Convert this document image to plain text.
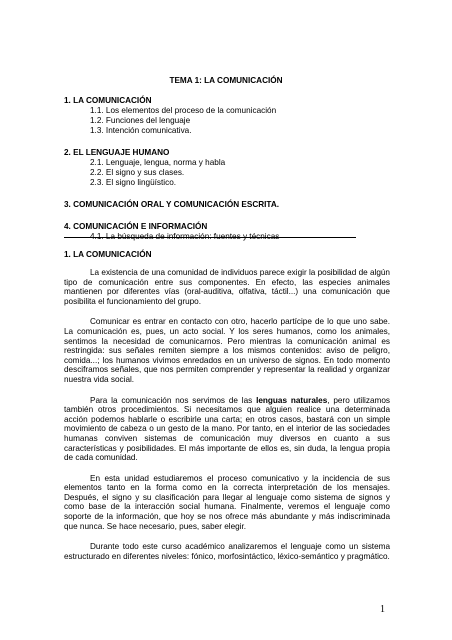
TEMA 1: LA COMUNICACIÓN

1. LA COMUNICACIÓN

1.1. Los elementos del proceso de la comunicación

1.2. Funciones del lenguaje

1.3. Intención comunicativa.

2. EL LENGUAJE HUMANO

2.1. Lenguaje, lengua, norma y habla

2.2. El signo y sus clases.

2.3. El signo lingüístico.

3. COMUNICACIÓN ORAL Y COMUNICACIÓN ESCRITA.

4. COMUNICACIÓN E INFORMACIÓN

4.1. La búsqueda de información: fuentes y técnicas

1. LA COMUNICACIÓN

La existencia de una comunidad de individuos parece exigir la posibilidad de algún tipo de comunicación entre sus componentes. En efecto, las especies animales mantienen por diferentes vías (oral-auditiva, olfativa, táctil...) una comunicación que posibilita el funcionamiento del grupo.

Comunicar es entrar en contacto con otro, hacerlo partícipe de lo que uno sabe. La comunicación es, pues, un acto social. Y los seres humanos, como los animales, sentimos la necesidad de comunicarnos. Pero mientras la comunicación animal es restringida: sus señales remiten siempre a los mismos contenidos: aviso de peligro, comida...; los humanos vivimos enredados en un universo de signos. En todo momento desciframos señales, que nos permiten comprender y representar la realidad y organizar nuestra vida social.

Para la comunicación nos servimos de las lenguas naturales, pero utilizamos también otros procedimientos. Si necesitamos que alguien realice una determinada acción podemos hablarle o escribirle una carta; en otros casos, bastará con un simple movimiento de cabeza o un gesto de la mano. Por tanto, en el interior de las sociedades humanas conviven sistemas de comunicación muy diversos en cuanto a sus características y posibilidades. El más importante de ellos es, sin duda, la lengua propia de cada comunidad.

En esta unidad estudiaremos el proceso comunicativo y la incidencia de sus elementos tanto en la forma como en la correcta interpretación de los mensajes. Después, el signo y su clasificación para llegar al lenguaje como sistema de signos y como base de la interacción social humana. Finalmente, veremos el lenguaje como soporte de la información, que hoy se nos ofrece más abundante y más indiscriminada que nunca. Se hace necesario, pues, saber elegir.

Durante todo este curso académico analizaremos el lenguaje como un sistema estructurado en diferentes niveles: fónico, morfosintáctico, léxico-semántico y pragmático.

1
